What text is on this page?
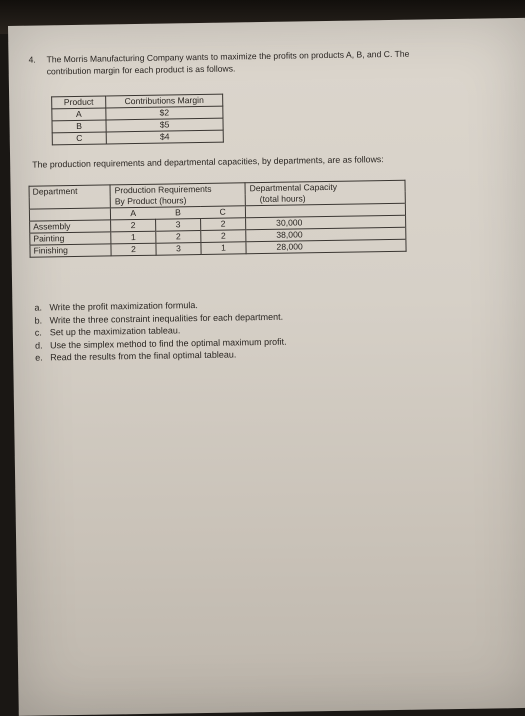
4. The Morris Manufacturing Company wants to maximize the profits on products A, B, and C. The
contribution margin for each product is as follows.
Product	Contributions Margin
A	$2
B	$5
C	$4
The production requirements and departmental capacities, by departments, are as follows:
Department	Production Requirements			Departmental Capacity
	By Product (hours)			(total hours)
	A	B	C	
Assembly	2	3	2	30,000
Painting	1	2	2	38,000
Finishing	2	3	1	28,000
a. Write the profit maximization formula.
b. Write the three constraint inequalities for each department.
c. Set up the maximization tableau.
d. Use the simplex method to find the optimal maximum profit.
e. Read the results from the final optimal tableau.
